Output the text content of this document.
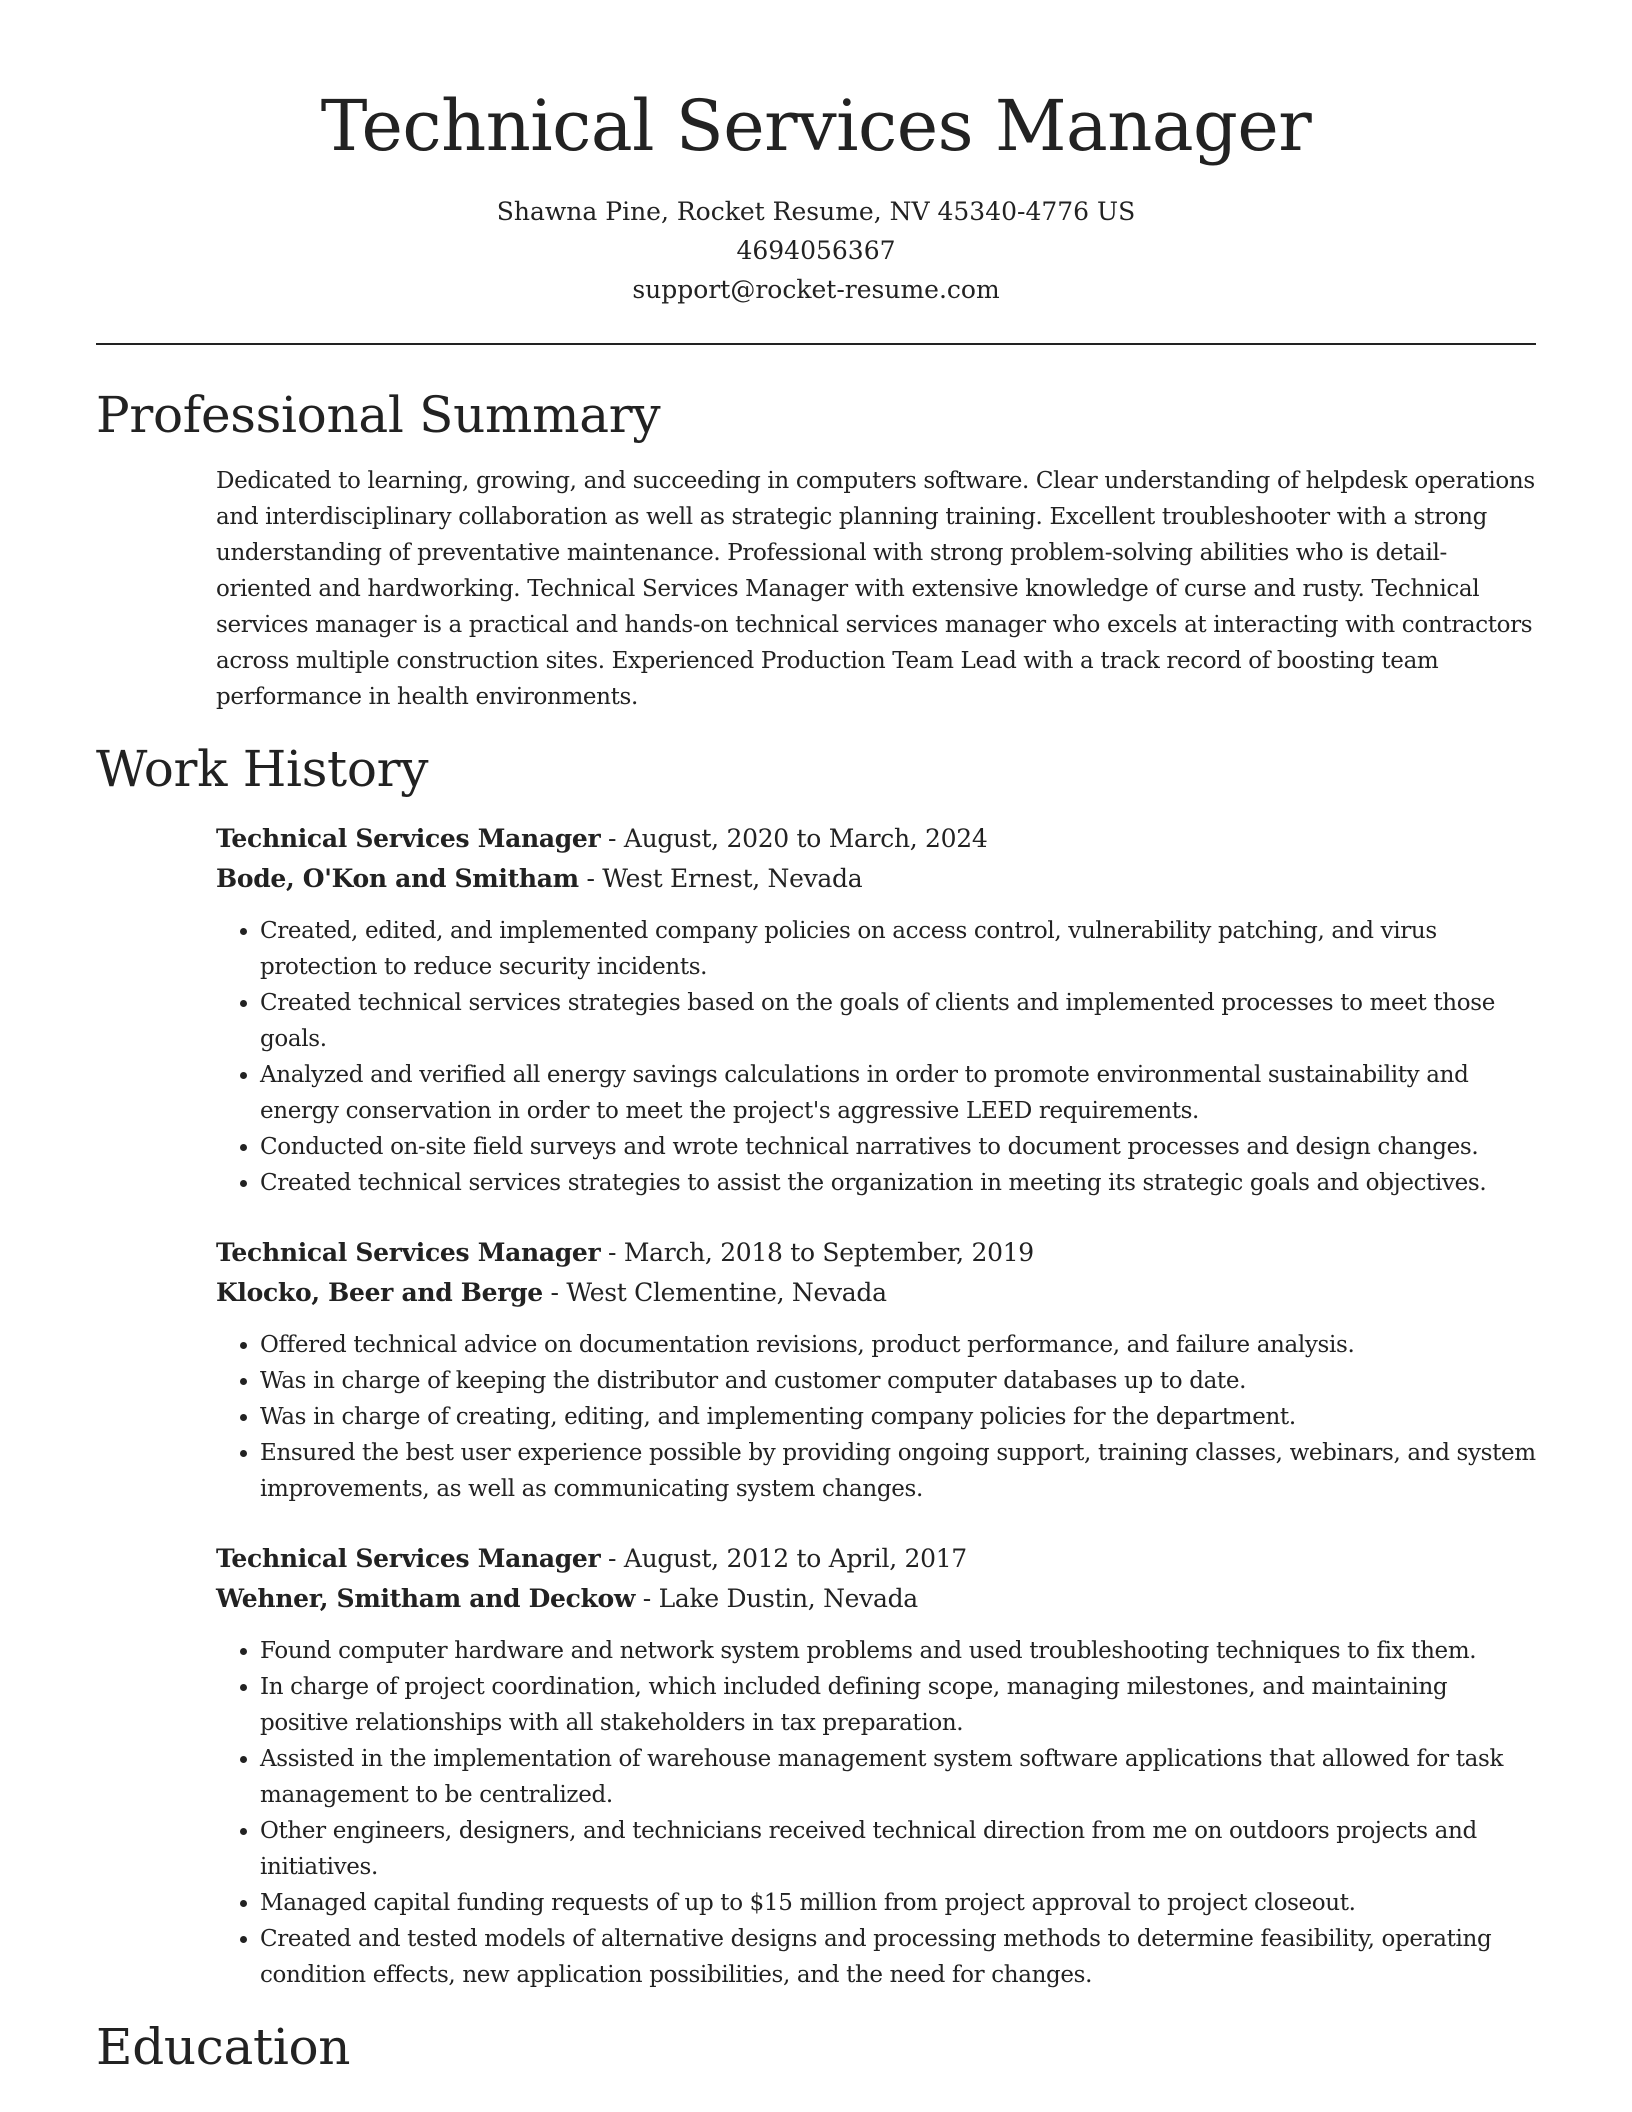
Technical Services Manager
Shawna Pine, Rocket Resume, NV 45340-4776 US
4694056367
support@rocket-resume.com
Professional Summary

Dedicated to learning, growing, and succeeding in computers software. Clear understanding of helpdesk operations and interdisciplinary collaboration as well as strategic planning training. Excellent troubleshooter with a strong understanding of preventative maintenance. Professional with strong problem-solving abilities who is detail-oriented and hardworking. Technical Services Manager with extensive knowledge of curse and rusty. Technical services manager is a practical and hands-on technical services manager who excels at interacting with contractors across multiple construction sites. Experienced Production Team Lead with a track record of boosting team performance in health environments.

Work History
Technical Services Manager - August, 2020 to March, 2024
Bode, O'Kon and Smitham - West Ernest, Nevada
• Created, edited, and implemented company policies on access control, vulnerability patching, and virus protection to reduce security incidents.
• Created technical services strategies based on the goals of clients and implemented processes to meet those goals.
• Analyzed and verified all energy savings calculations in order to promote environmental sustainability and energy conservation in order to meet the project's aggressive LEED requirements.
• Conducted on-site field surveys and wrote technical narratives to document processes and design changes.
• Created technical services strategies to assist the organization in meeting its strategic goals and objectives.
Technical Services Manager - March, 2018 to September, 2019
Klocko, Beer and Berge - West Clementine, Nevada
• Offered technical advice on documentation revisions, product performance, and failure analysis.
• Was in charge of keeping the distributor and customer computer databases up to date.
• Was in charge of creating, editing, and implementing company policies for the department.
• Ensured the best user experience possible by providing ongoing support, training classes, webinars, and system improvements, as well as communicating system changes.
Technical Services Manager - August, 2012 to April, 2017
Wehner, Smitham and Deckow - Lake Dustin, Nevada
• Found computer hardware and network system problems and used troubleshooting techniques to fix them.
• In charge of project coordination, which included defining scope, managing milestones, and maintaining positive relationships with all stakeholders in tax preparation.
• Assisted in the implementation of warehouse management system software applications that allowed for task management to be centralized.
• Other engineers, designers, and technicians received technical direction from me on outdoors projects and initiatives.
• Managed capital funding requests of up to $15 million from project approval to project closeout.
• Created and tested models of alternative designs and processing methods to determine feasibility, operating condition effects, new application possibilities, and the need for changes.
Education
